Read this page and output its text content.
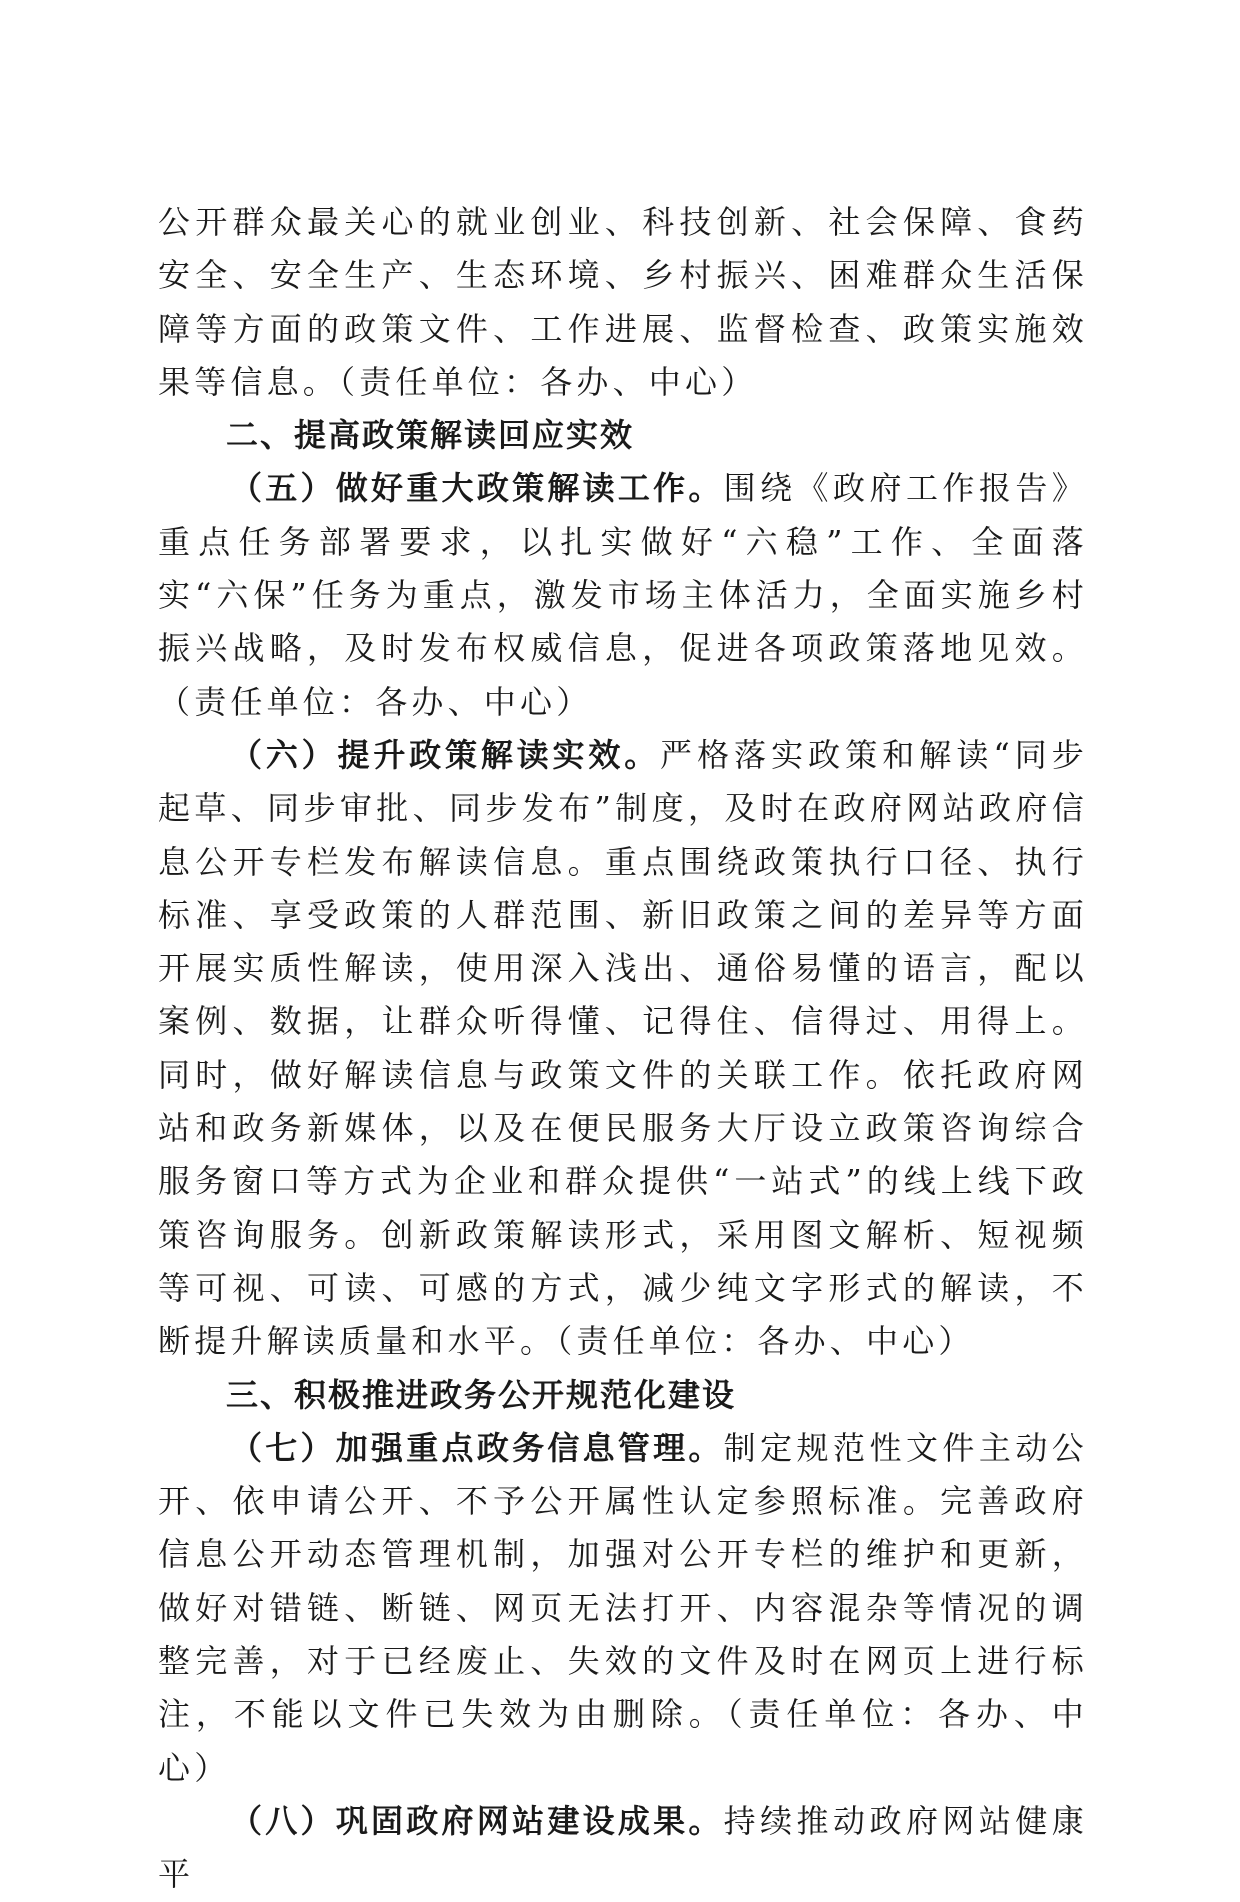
公开群众最关心的就业创业、科技创新、社会保障、食药安全、安全生产、生态环境、乡村振兴、困难群众生活保障等方面的政策文件、工作进展、监督检查、政策实施效果等信息。（责任单位：各办、中心）

二、提高政策解读回应实效

（五）做好重大政策解读工作。围绕《政府工作报告》重点任务部署要求，以扎实做好“六稳”工作、全面落实“六保”任务为重点，激发市场主体活力，全面实施乡村振兴战略，及时发布权威信息，促进各项政策落地见效。（责任单位：各办、中心）

（六）提升政策解读实效。严格落实政策和解读“同步起草、同步审批、同步发布”制度，及时在政府网站政府信息公开专栏发布解读信息。重点围绕政策执行口径、执行标准、享受政策的人群范围、新旧政策之间的差异等方面开展实质性解读，使用深入浅出、通俗易懂的语言，配以案例、数据，让群众听得懂、记得住、信得过、用得上。同时，做好解读信息与政策文件的关联工作。依托政府网站和政务新媒体，以及在便民服务大厅设立政策咨询综合服务窗口等方式为企业和群众提供“一站式”的线上线下政策咨询服务。创新政策解读形式，采用图文解析、短视频等可视、可读、可感的方式，减少纯文字形式的解读，不断提升解读质量和水平。（责任单位：各办、中心）

三、积极推进政务公开规范化建设

（七）加强重点政务信息管理。制定规范性文件主动公开、依申请公开、不予公开属性认定参照标准。完善政府信息公开动态管理机制，加强对公开专栏的维护和更新，做好对错链、断链、网页无法打开、内容混杂等情况的调整完善，对于已经废止、失效的文件及时在网页上进行标注，不能以文件已失效为由删除。（责任单位：各办、中心）

（八）巩固政府网站建设成果。持续推动政府网站健康平
